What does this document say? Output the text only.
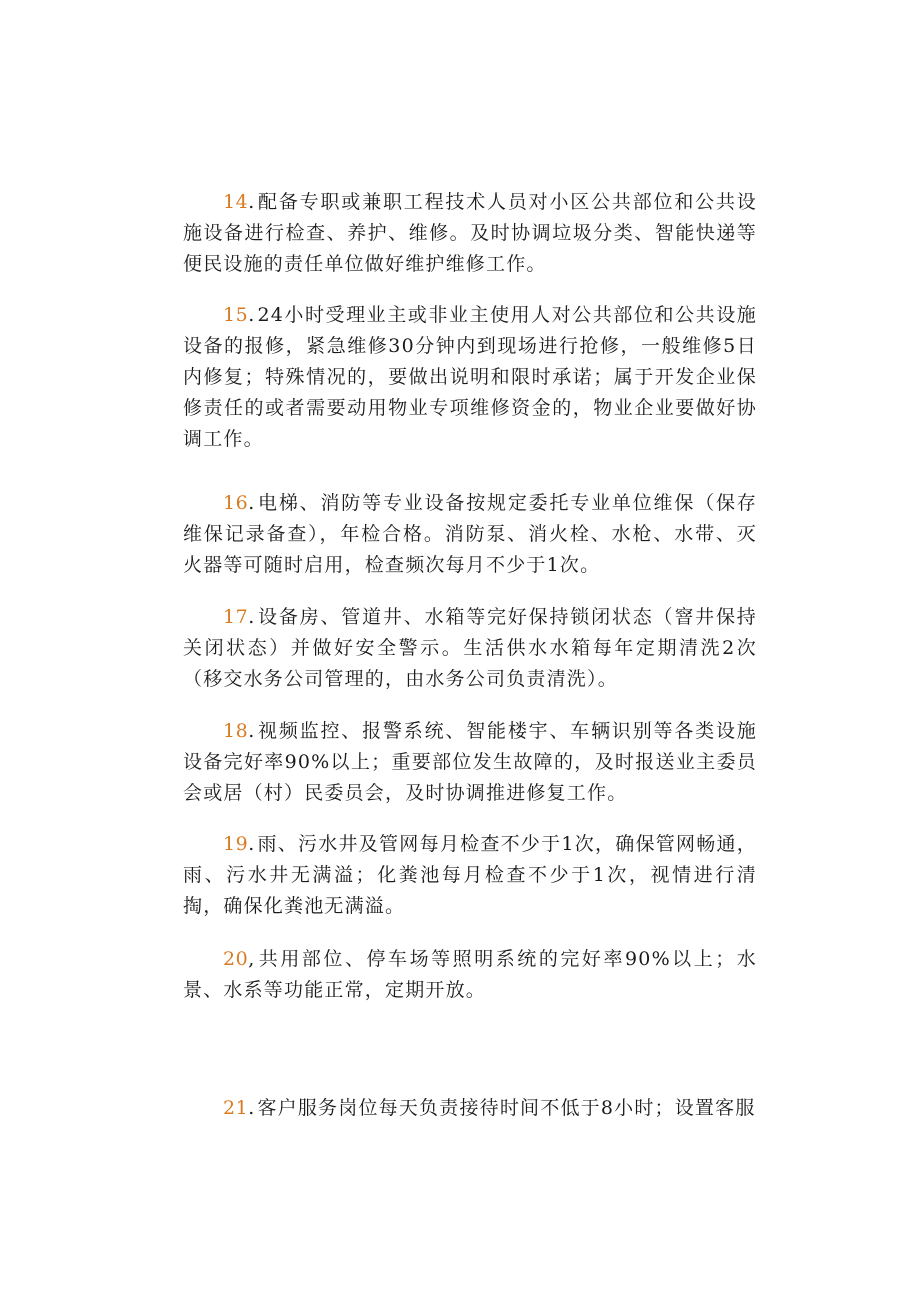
14. 配备专职或兼职工程技术人员对小区公共部位和公共设施设备进行检查、养护、维修。及时协调垃圾分类、智能快递等便民设施的责任单位做好维护维修工作。

15. 24小时受理业主或非业主使用人对公共部位和公共设施设备的报修，紧急维修30分钟内到现场进行抢修，一般维修5日内修复；特殊情况的，要做出说明和限时承诺；属于开发企业保修责任的或者需要动用物业专项维修资金的，物业企业要做好协调工作。

16. 电梯、消防等专业设备按规定委托专业单位维保（保存维保记录备查），年检合格。消防泵、消火栓、水枪、水带、灭火器等可随时启用，检查频次每月不少于1次。

17. 设备房、管道井、水箱等完好保持锁闭状态（窨井保持关闭状态）并做好安全警示。生活供水水箱每年定期清洗2次（移交水务公司管理的，由水务公司负责清洗）。

18. 视频监控、报警系统、智能楼宇、车辆识别等各类设施设备完好率90%以上；重要部位发生故障的，及时报送业主委员会或居（村）民委员会，及时协调推进修复工作。

19. 雨、污水井及管网每月检查不少于1次，确保管网畅通，雨、污水井无满溢；化粪池每月检查不少于1次，视情进行清掏，确保化粪池无满溢。

20, 共用部位、停车场等照明系统的完好率90%以上；水景、水系等功能正常，定期开放。

21. 客户服务岗位每天负责接待时间不低于8小时；设置客服
